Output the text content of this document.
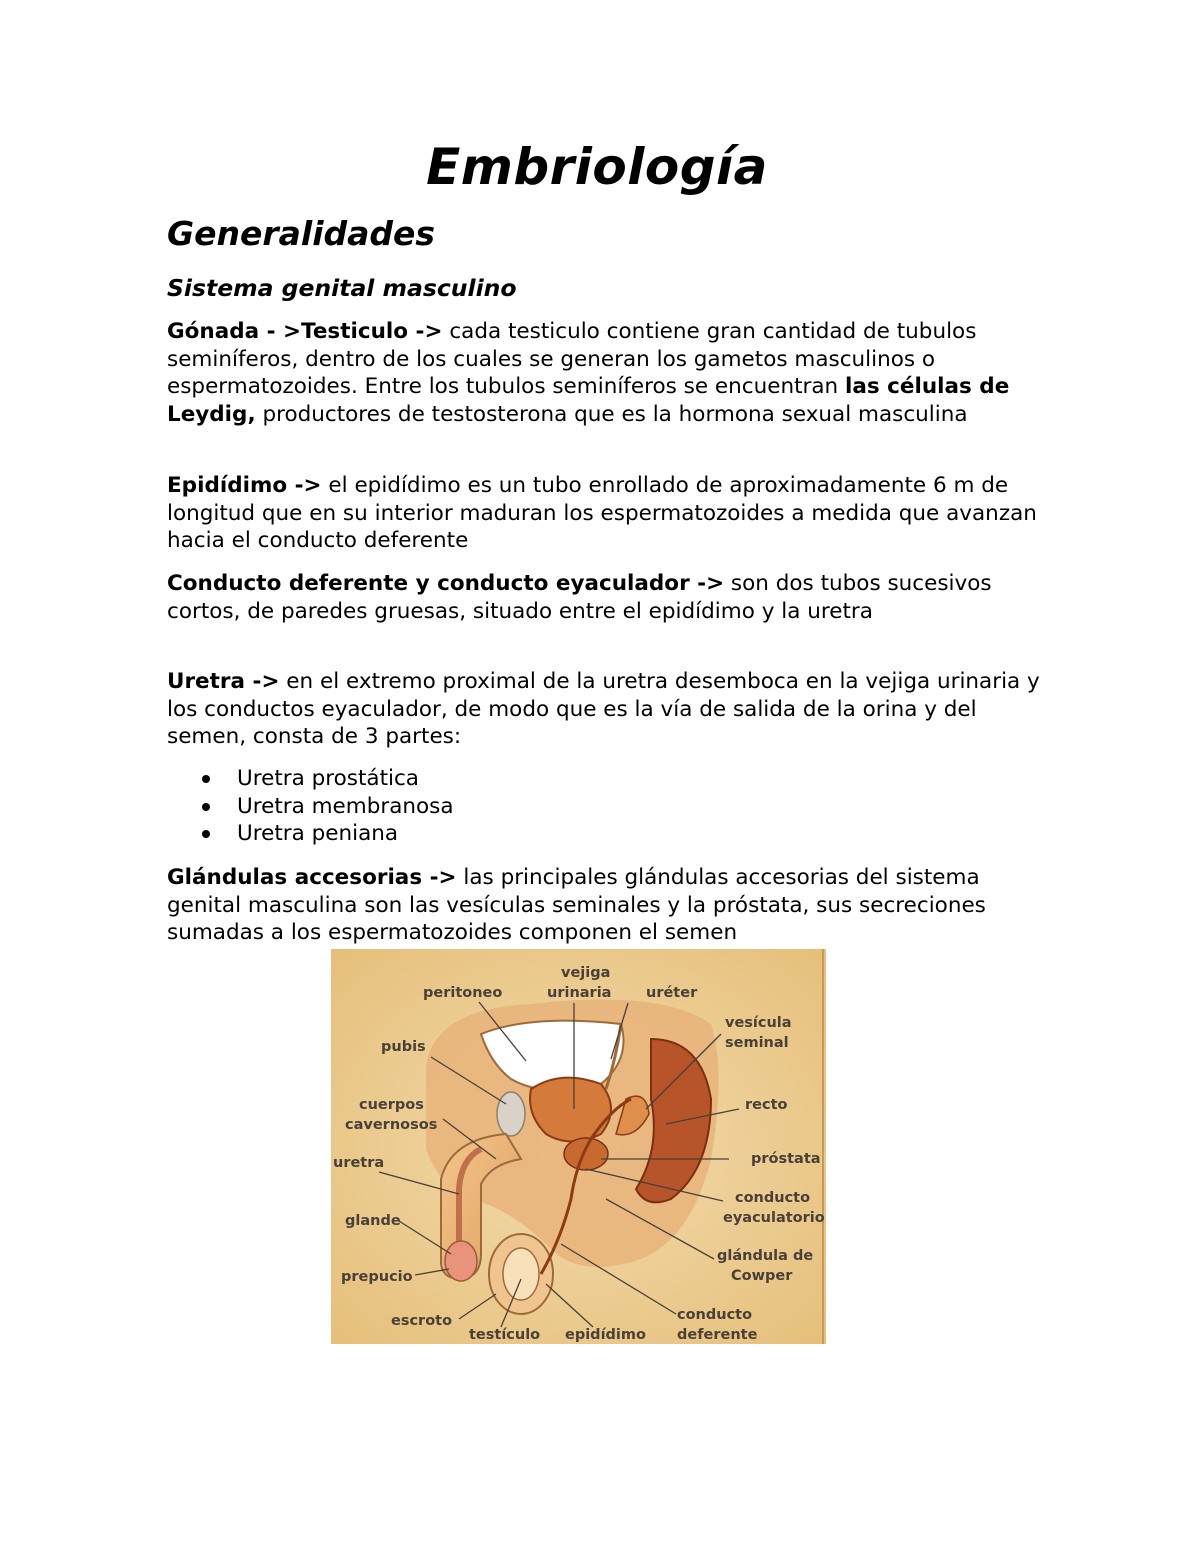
Embriología
Generalidades
Sistema genital masculino
Gónada - >Testiculo -> cada testiculo contiene gran cantidad de tubulos seminíferos, dentro de los cuales se generan los gametos masculinos o espermatozoides. Entre los tubulos seminíferos se encuentran las células de Leydig, productores de testosterona que es la hormona sexual masculina
Epidídimo -> el epidídimo es un tubo enrollado de aproximadamente 6 m de longitud que en su interior maduran los espermatozoides a medida que avanzan hacia el conducto deferente
Conducto deferente y conducto eyaculador -> son dos tubos sucesivos cortos, de paredes gruesas, situado entre el epidídimo y la uretra
Uretra -> en el extremo proximal de la uretra desemboca en la vejiga urinaria y los conductos eyaculador, de modo que es la vía de salida de la orina y del semen, consta de 3 partes:
Uretra prostática
Uretra membranosa
Uretra peniana
Glándulas accesorias -> las principales glándulas accesorias del sistema genital masculina son las vesículas seminales y la próstata, sus secreciones sumadas a los espermatozoides componen el semen
vejiga
urinaria
peritoneo	uréter
vesícula
seminal
pubis
cuerpos
cavernosos
recto
uretra	próstata
conducto
eyaculatorio
glande
glándula de
Cowper
prepucio
escroto
testículo epidídimo
conducto
deferente
